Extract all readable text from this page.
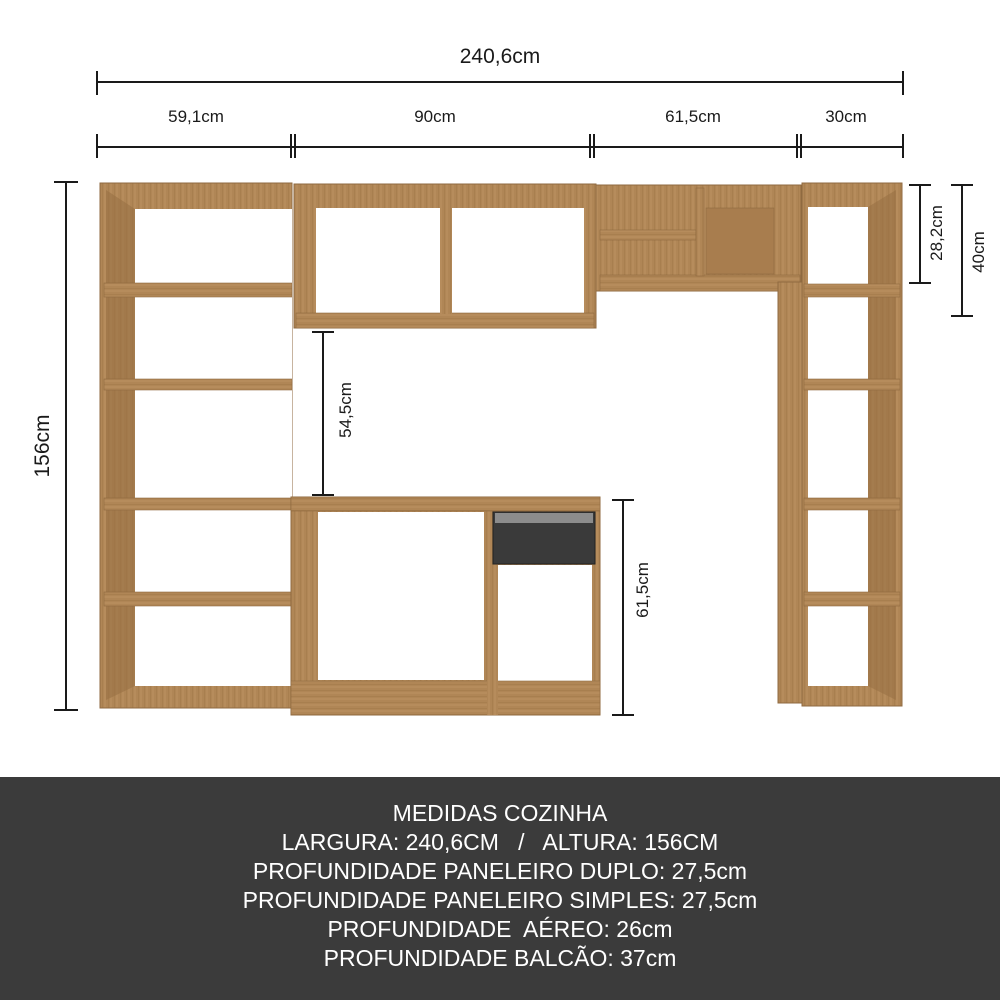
240,6cm
59,1cm	90cm	61,5cm	30cm
156cm
54,5cm
61,5cm
28,2cm 40cm
MEDIDAS COZINHA
LARGURA: 240,6CM   /   ALTURA: 156CM
PROFUNDIDADE PANELEIRO DUPLO: 27,5cm
PROFUNDIDADE PANELEIRO SIMPLES: 27,5cm
PROFUNDIDADE  AÉREO: 26cm
PROFUNDIDADE BALCÃO: 37cm
